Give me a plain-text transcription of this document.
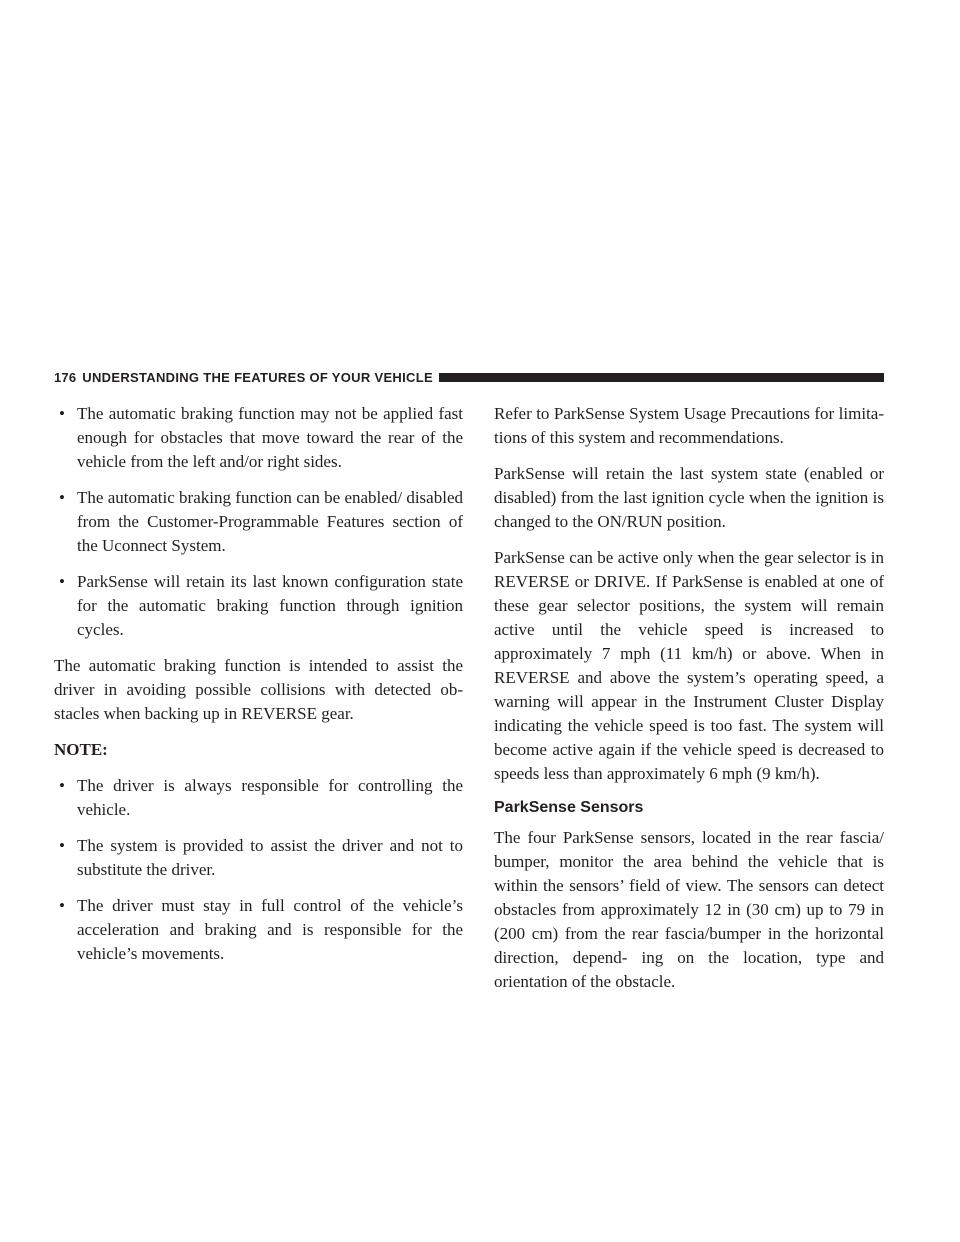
176 UNDERSTANDING THE FEATURES OF YOUR VEHICLE
• The automatic braking function may not be applied fast enough for obstacles that move toward the rear of the vehicle from the left and/or right sides.
• The automatic braking function can be enabled/ disabled from the Customer-Programmable Features section of the Uconnect System.
• ParkSense will retain its last known configuration state for the automatic braking function through ignition cycles.

The automatic braking function is intended to assist the driver in avoiding possible collisions with detected ob- stacles when backing up in REVERSE gear.

NOTE:

• The driver is always responsible for controlling the vehicle.
• The system is provided to assist the driver and not to substitute the driver.
• The driver must stay in full control of the vehicle’s acceleration and braking and is responsible for the vehicle’s movements.

Refer to ParkSense System Usage Precautions for limita- tions of this system and recommendations.

ParkSense will retain the last system state (enabled or disabled) from the last ignition cycle when the ignition is changed to the ON/RUN position.

ParkSense can be active only when the gear selector is in REVERSE or DRIVE. If ParkSense is enabled at one of these gear selector positions, the system will remain active until the vehicle speed is increased to approximately 7 mph (11 km/h) or above. When in REVERSE and above the system’s operating speed, a warning will appear in the Instrument Cluster Display indicating the vehicle speed is too fast. The system will become active again if the vehicle speed is decreased to speeds less than approximately 6 mph (9 km/h).

ParkSense Sensors

The four ParkSense sensors, located in the rear fascia/ bumper, monitor the area behind the vehicle that is within the sensors’ field of view. The sensors can detect obstacles from approximately 12 in (30 cm) up to 79 in (200 cm) from the rear fascia/bumper in the horizontal direction, depend- ing on the location, type and orientation of the obstacle.
